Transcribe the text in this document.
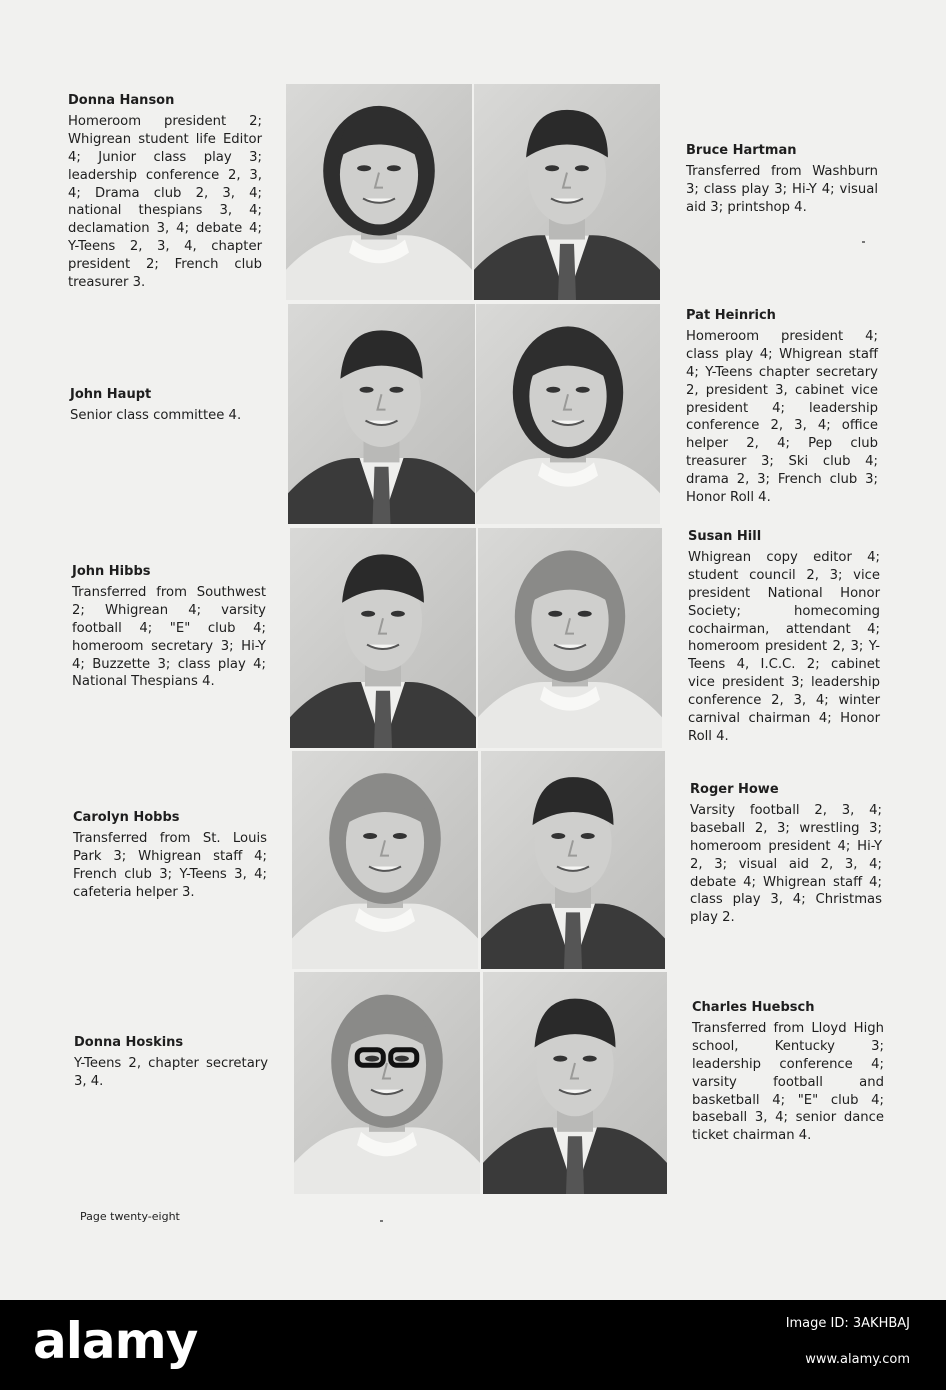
Donna Hanson
Homeroom president 2; Whigrean student life Editor 4; Junior class play 3; leadership conference 2, 3, 4; Drama club 2, 3, 4; national thespians 3, 4; declamation 3, 4; debate 4; Y-Teens 2, 3, 4, chapter president 2; French club treasurer 3.
Bruce Hartman
Transferred from Washburn 3; class play 3; Hi-Y 4; visual aid 3; printshop 4.
John Haupt
Senior class committee 4.
Pat Heinrich
Homeroom president 4; class play 4; Whigrean staff 4; Y-Teens chapter secretary 2, president 3, cabinet vice president 4; leadership conference 2, 3, 4; office helper 2, 4; Pep club treasurer 3; Ski club 4; drama 2, 3; French club 3; Honor Roll 4.
John Hibbs
Transferred from Southwest 2; Whigrean 4; varsity football 4; "E" club 4; homeroom secretary 3; Hi-Y 4; Buzzette 3; class play 4; National Thespians 4.
Susan Hill
Whigrean copy editor 4; student council 2, 3; vice president National Honor Society; homecoming cochairman, attendant 4; homeroom president 2, 3; Y-Teens 4, I.C.C. 2; cabinet vice president 3; leadership conference 2, 3, 4; winter carnival chairman 4; Honor Roll 4.
Carolyn Hobbs
Transferred from St. Louis Park 3; Whigrean staff 4; French club 3; Y-Teens 3, 4; cafeteria helper 3.
Roger Howe
Varsity football 2, 3, 4; baseball 2, 3; wrestling 3; homeroom president 4; Hi-Y 2, 3; visual aid 2, 3, 4; debate 4; Whigrean staff 4; class play 3, 4; Christmas play 2.
Donna Hoskins
Y-Teens 2, chapter secretary 3, 4.
Charles Huebsch
Transferred from Lloyd High school, Kentucky 3; leadership conference 4; varsity football and basketball 4; "E" club 4; baseball 3, 4; senior dance ticket chairman 4.
Page twenty-eight
alamy	Image ID: 3AKHBAJ
www.alamy.com
